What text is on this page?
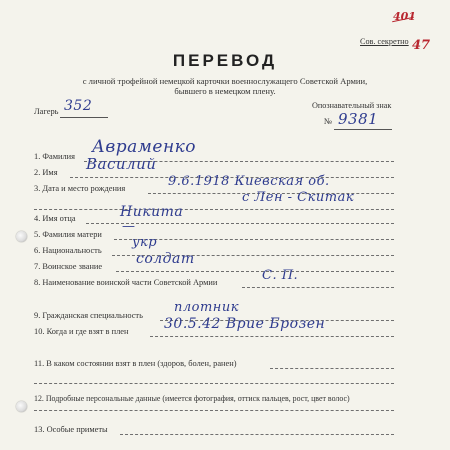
401
47
Сов. секретно
ПЕРЕВОД
с личной трофейной немецкой карточки военнослужащего Советской Армии,
бывшего в немецком плену.
Лагерь 352	Опознавательный знак
№ 9381
1. Фамилия Авраменко
2. Имя Василий
3. Дата и место рождения	9.6.1918 Киевская об.
с Лен - Скитак
4. Имя отца	Никита
5. Фамилия матери
—
6. Национальность
укр
7. Воинское звание солдат
8. Наименование воинской части Советской Армии	С. П.
9. Гражданская специальность
плотник
10. Когда и где взят в плен	30.5.42 Врие Брозен
11. В каком состоянии взят в плен (здоров, болен, ранен)
12. Подробные персональные данные (имеется фотография, оттиск пальцев, рост, цвет волос)
13. Особые приметы
